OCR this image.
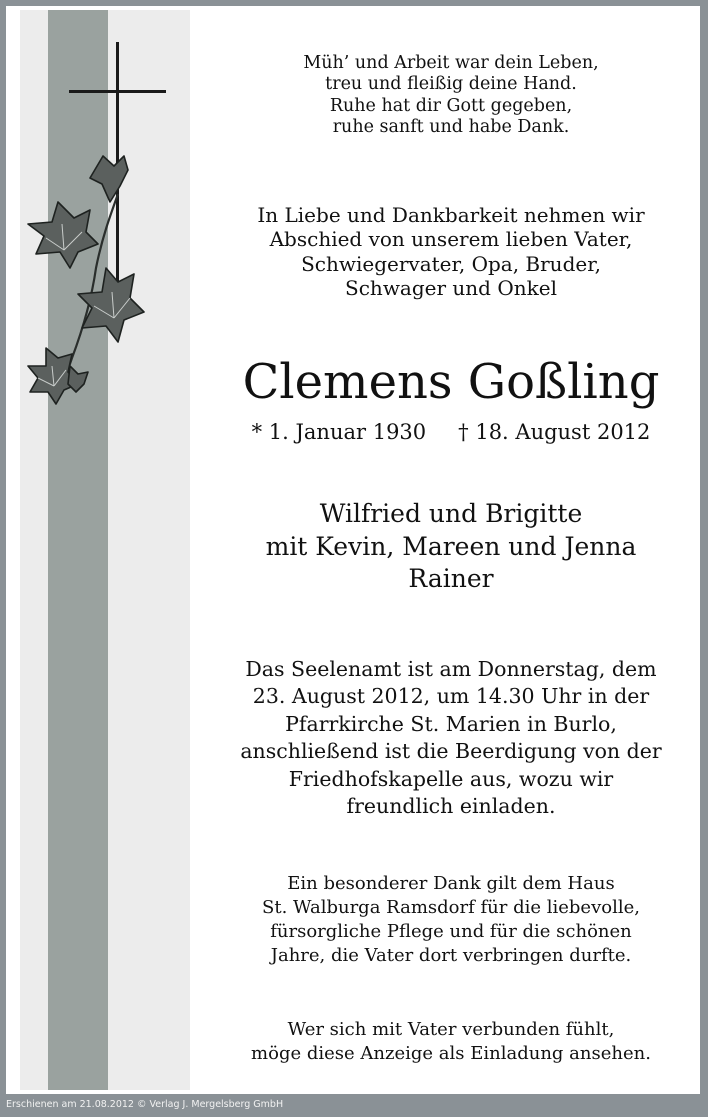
Müh’ und Arbeit war dein Leben,
treu und fleißig deine Hand.
Ruhe hat dir Gott gegeben,
ruhe sanft und habe Dank.
In Liebe und Dankbarkeit nehmen wir
Abschied von unserem lieben Vater,
Schwiegervater, Opa, Bruder,
Schwager und Onkel
Clemens Goßling
* 1. Januar 1930 † 18. August 2012
Wilfried und Brigitte
mit Kevin, Mareen und Jenna
Rainer
Das Seelenamt ist am Donnerstag, dem
23. August 2012, um 14.30 Uhr in der
Pfarrkirche St. Marien in Burlo,
anschließend ist die Beerdigung von der
Friedhofskapelle aus, wozu wir
freundlich einladen.
Ein besonderer Dank gilt dem Haus
St. Walburga Ramsdorf für die liebevolle,
fürsorgliche Pflege und für die schönen
Jahre, die Vater dort verbringen durfte.
Wer sich mit Vater verbunden fühlt,
möge diese Anzeige als Einladung ansehen.
Erschienen am 21.08.2012 © Verlag J. Mergelsberg GmbH
